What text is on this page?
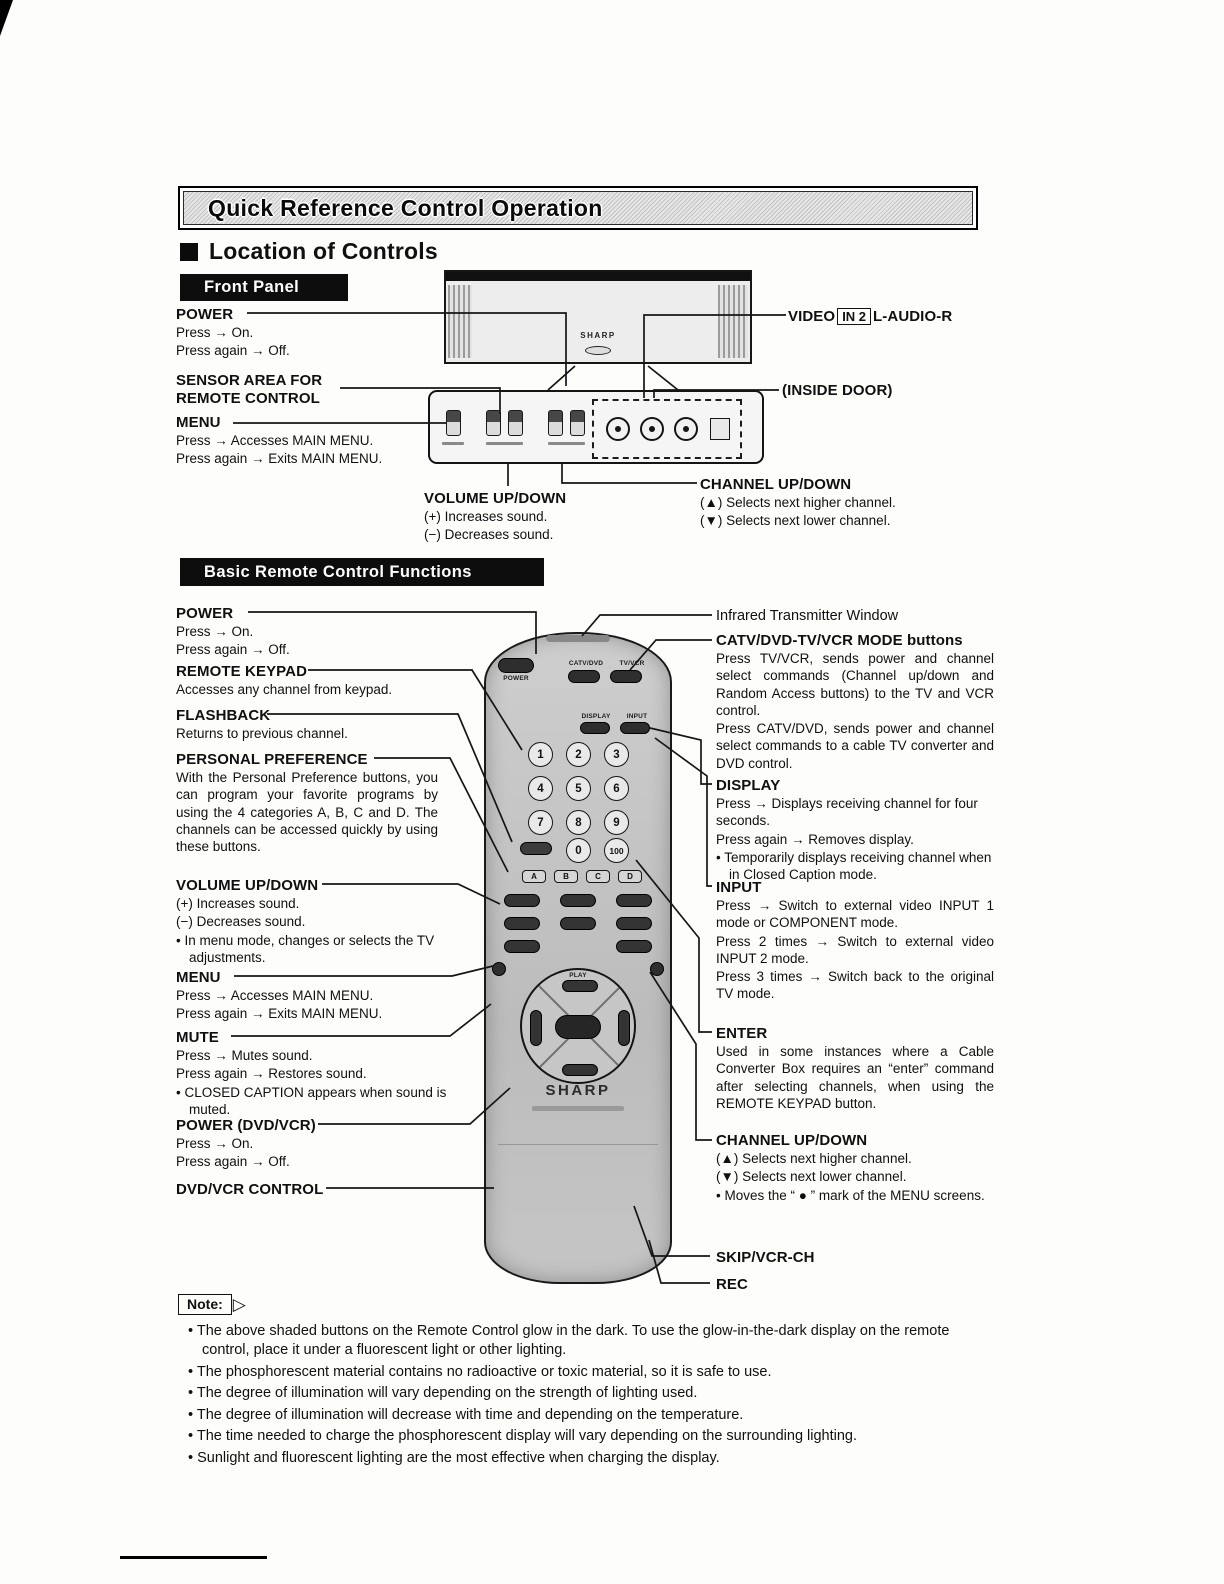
Quick Reference Control Operation
Location of Controls
Front Panel
SHARP
POWER
Press → On.
Press again → Off.
VIDEO IN 2 L-AUDIO-R
SENSOR AREA FOR
REMOTE CONTROL	(INSIDE DOOR)
MENU
Press → Accesses MAIN MENU.
Press again → Exits MAIN MENU.
CHANNEL UP/DOWN
(▲) Selects next higher channel.
(▼) Selects next lower channel.
VOLUME UP/DOWN
(+) Increases sound.
(−) Decreases sound.
Basic Remote Control Functions
POWER
CATV/DVD	TV/VCR
DISPLAY	INPUT
1	2	3
4	5	6
7	8	9
0	100
A	B	C	D
PLAY
SHARP
POWER
Press → On.
Press again → Off.
REMOTE KEYPAD
Accesses any channel from keypad.
FLASHBACK
Returns to previous channel.
PERSONAL PREFERENCE
With the Personal Preference buttons, you can program your favorite programs by using the 4 categories A, B, C and D. The channels can be accessed quickly by using these buttons.
VOLUME UP/DOWN
(+) Increases sound.
(−) Decreases sound.
• In menu mode, changes or selects the TV adjustments.
MENU
Press → Accesses MAIN MENU.
Press again → Exits MAIN MENU.
MUTE
Press → Mutes sound.
Press again → Restores sound.
• CLOSED CAPTION appears when sound is muted.
POWER (DVD/VCR)
Press → On.
Press again → Off.
DVD/VCR CONTROL
Infrared Transmitter Window
CATV/DVD-TV/VCR MODE buttons
Press TV/VCR, sends power and channel select commands (Channel up/down and Random Access buttons) to the TV and VCR control.
Press CATV/DVD, sends power and channel select commands to a cable TV converter and DVD control.
DISPLAY
Press → Displays receiving channel for four seconds.
Press again → Removes display.
• Temporarily displays receiving channel when in Closed Caption mode.
INPUT
Press → Switch to external video INPUT 1 mode or COMPONENT mode.
Press 2 times → Switch to external video INPUT 2 mode.
Press 3 times → Switch back to the original TV mode.
ENTER
Used in some instances where a Cable Converter Box requires an “enter” command after selecting channels, when using the REMOTE KEYPAD button.
CHANNEL UP/DOWN
(▲) Selects next higher channel.
(▼) Selects next lower channel.
• Moves the “ ● ” mark of the MENU screens.
SKIP/VCR-CH
REC
Note: ▷
• The above shaded buttons on the Remote Control glow in the dark. To use the glow-in-the-dark display on the remote control, place it under a fluorescent light or other lighting.
• The phosphorescent material contains no radioactive or toxic material, so it is safe to use.
• The degree of illumination will vary depending on the strength of lighting used.
• The degree of illumination will decrease with time and depending on the temperature.
• The time needed to charge the phosphorescent display will vary depending on the surrounding lighting.
• Sunlight and fluorescent lighting are the most effective when charging the display.
